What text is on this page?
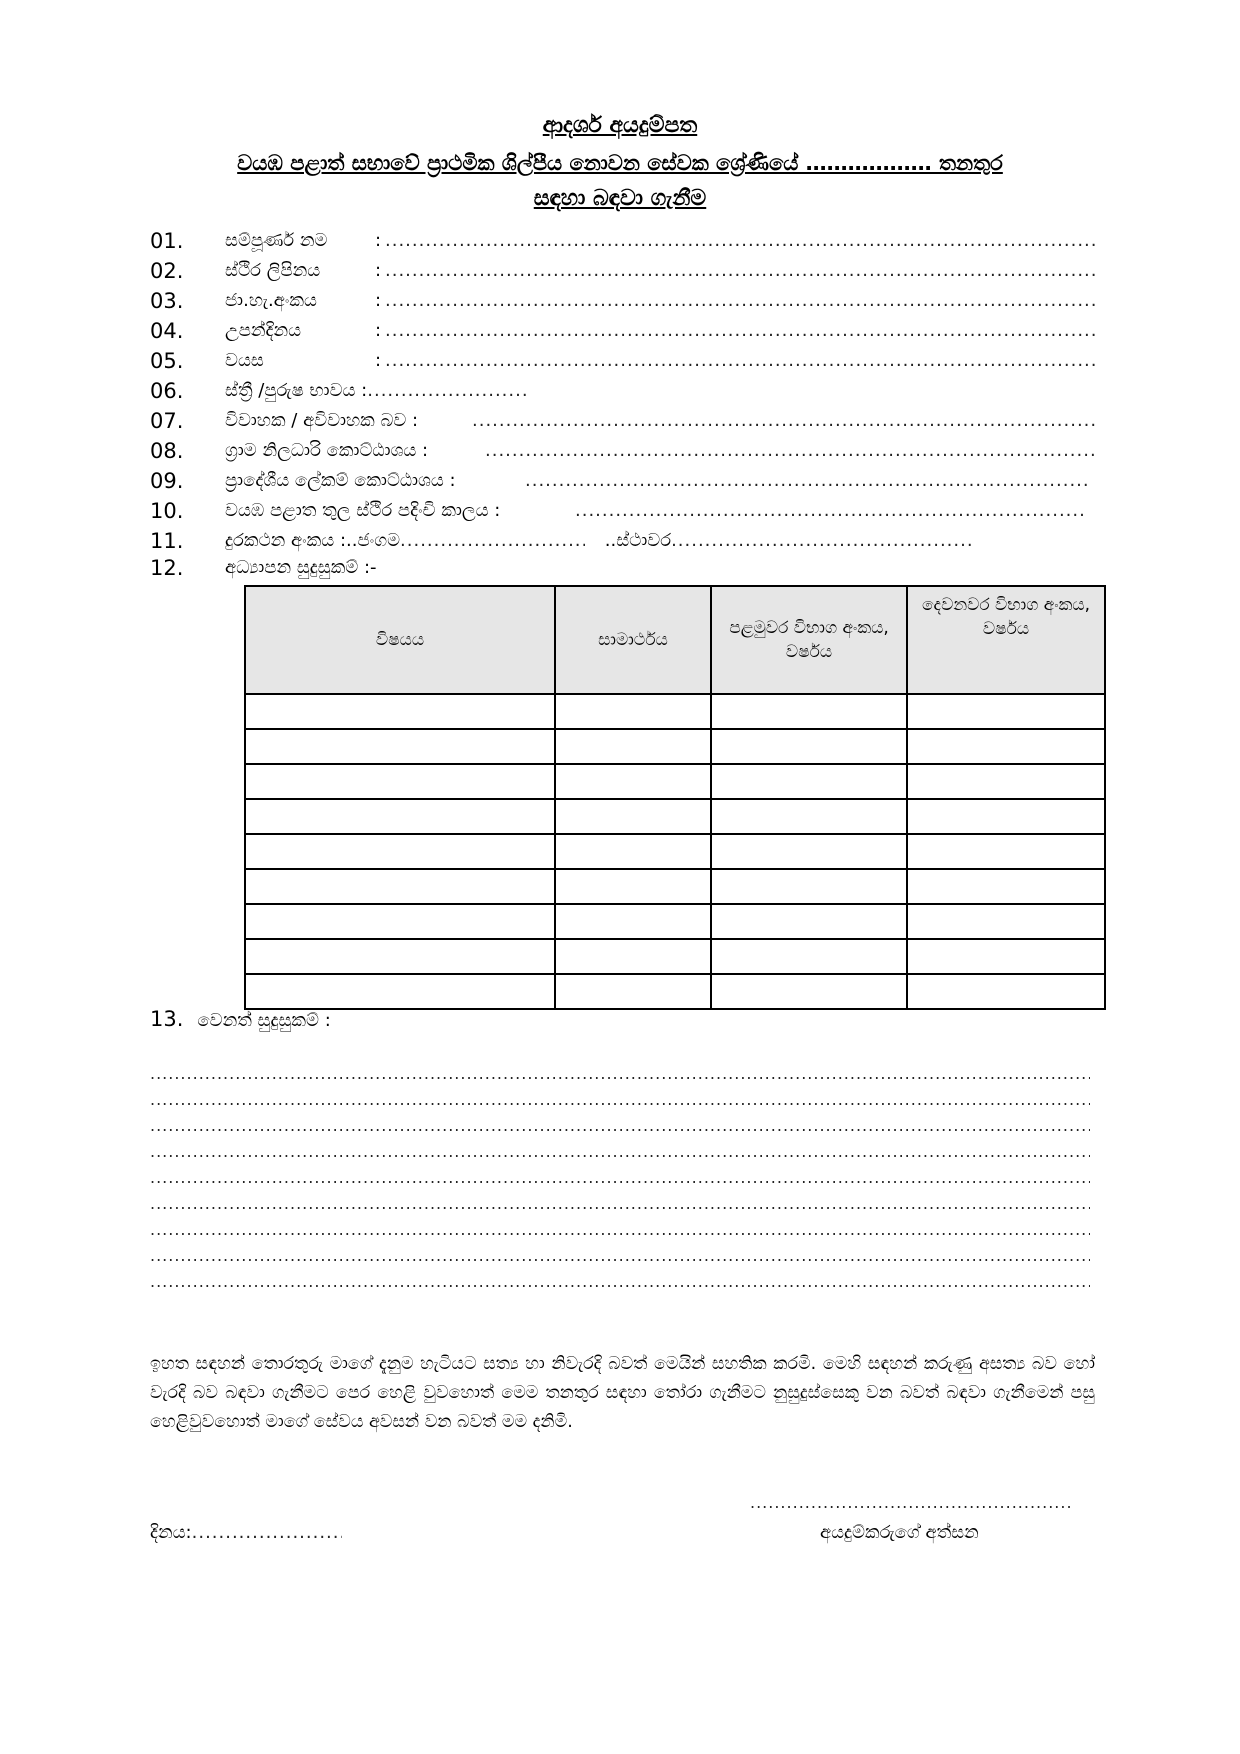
ආදර්ශ අයදුම්පත
වයඹ පළාත් සභාවේ ප්‍රාථමික ශිල්පීය නොවන සේවක ශ්‍රේණියේ ……………… තනතුර
සඳහා බඳවා ගැනීම
01. සම්පූර්ණ නම	:
.....
02. ස්ථිර ලිපිනය	:
.....
03. ජා.හැ.අංකය	:
.....
04. උපන්දිනය	:
.....
05. වයස	:
.....
06. ස්ත්‍රී /පුරුෂ භාවය :.....
07. විවාහක / අවිවාහක බව :
.....
08. ග්‍රාම නිලධාරි කොට්ඨාශය :
.....
09. ප්‍රාදේශීය ලේකම් කොට්ඨාශය :
.....
10. වයඹ පළාත තුල ස්ථිර පදිංචි කාලය :
.....
11. දුරකථන අංකය :..ජංගම .....	..ස්ථාවර.....
12. අධ්‍යාපන සුදුසුකම් :-
විෂයය	සාමාර්ථය	පළමුවර විභාග අංකය, වර්ෂය	දෙවනවර විභාග අංකය, වර්ෂය

13. වෙනත් සුදුසුකම් :
.....
.....
.....
.....
.....
.....
.....
.....
.....

ඉහත සඳහන් තොරතුරු මාගේ දැනුම හැටියට සත්‍ය හා නිවැරදි බවත් මෙයින් සහතික කරමි. මෙහි සඳහන් කරුණු අසත්‍ය බව හෝ වැරදි බව බඳවා ගැනීමට පෙර හෙළි වුවහොත් මෙම තනතුර සඳහා තෝරා ගැනීමට නුසුදුස්සෙකු වන බවත් බඳවා ගැනීමෙන් පසු හෙළිවුවහොත් මාගේ සේවය අවසන් වන බවත් මම දනිමි.

.....
අයදුම්කරුගේ අත්සන
දිනය:.....
